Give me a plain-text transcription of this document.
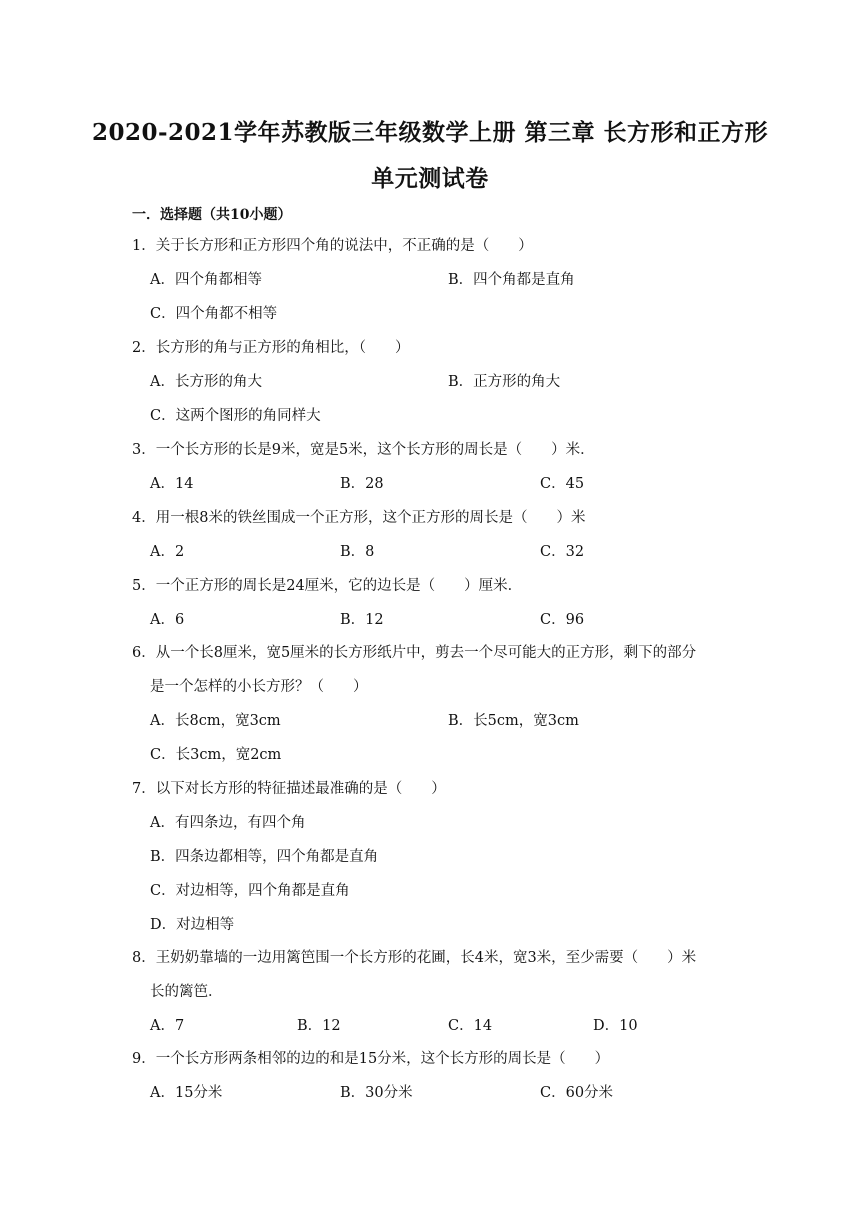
2020-2021学年苏教版三年级数学上册 第三章 长方形和正方形
单元测试卷
一．选择题（共10小题）
1．关于长方形和正方形四个角的说法中，不正确的是（　　）
A．四个角都相等	B．四个角都是直角
C．四个角都不相等
2．长方形的角与正方形的角相比，（　　）
A．长方形的角大	B．正方形的角大
C．这两个图形的角同样大
3．一个长方形的长是9米，宽是5米，这个长方形的周长是（　　）米．
A．14	B．28	C．45
4．用一根8米的铁丝围成一个正方形，这个正方形的周长是（　　）米
A．2	B．8	C．32
5．一个正方形的周长是24厘米，它的边长是（　　）厘米．
A．6	B．12	C．96
6．从一个长8厘米，宽5厘米的长方形纸片中，剪去一个尽可能大的正方形，剩下的部分
是一个怎样的小长方形？（　　）
A．长8cm，宽3cm	B．长5cm，宽3cm
C．长3cm，宽2cm
7．以下对长方形的特征描述最准确的是（　　）
A．有四条边，有四个角
B．四条边都相等，四个角都是直角
C．对边相等，四个角都是直角
D．对边相等
8．王奶奶靠墙的一边用篱笆围一个长方形的花圃，长4米，宽3米，至少需要（　　）米
长的篱笆．
A．7	B．12	C．14	D．10
9．一个长方形两条相邻的边的和是15分米，这个长方形的周长是（　　）
A．15分米	B．30分米	C．60分米
